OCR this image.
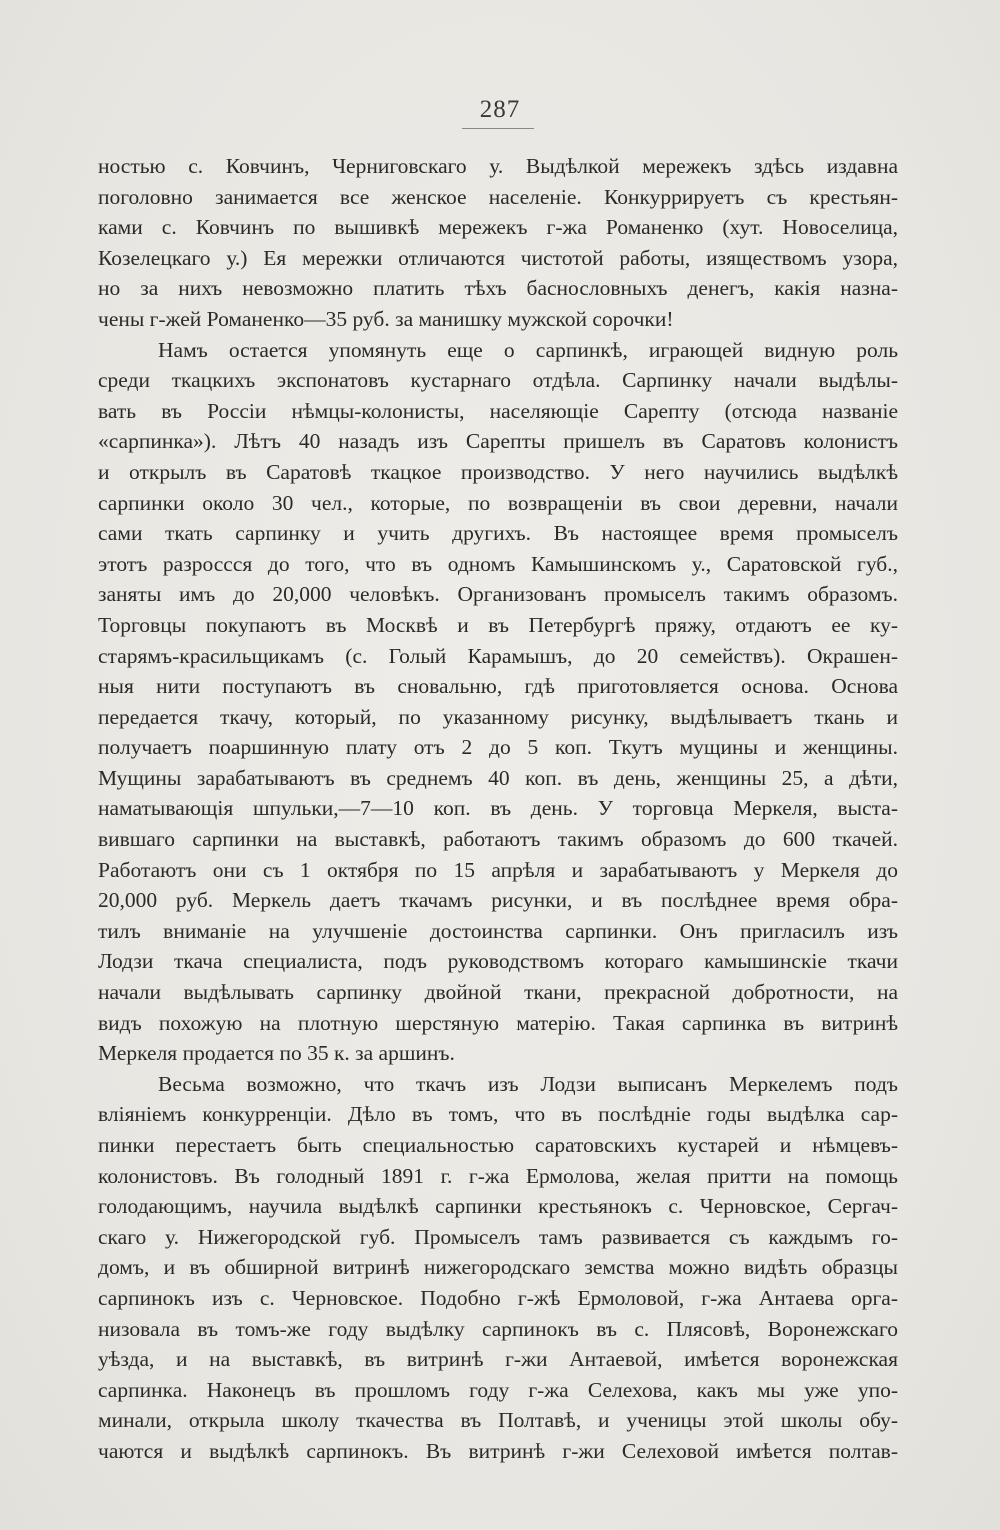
287
ностью с. Ковчинъ, Черниговскаго у. Выдѣлкой мережекъ здѣсь издавна
поголовно занимается все женское населеніе. Конкуррируетъ съ крестьян-
ками с. Ковчинъ по вышивкѣ мережекъ г-жа Романенко (хут. Новоселица,
Козелецкаго у.) Ея мережки отличаются чистотой работы, изяществомъ узора,
но за нихъ невозможно платить тѣхъ баснословныхъ денегъ, какія назна-
чены г-жей Романенко—35 руб. за манишку мужской сорочки!
Намъ остается упомянуть еще о сарпинкѣ, играющей видную роль
среди ткацкихъ экспонатовъ кустарнаго отдѣла. Сарпинку начали выдѣлы-
вать въ Россіи нѣмцы-колонисты, населяющіе Сарепту (отсюда названіе
«сарпинка»). Лѣтъ 40 назадъ изъ Сарепты пришелъ въ Саратовъ колонистъ
и открылъ въ Саратовѣ ткацкое производство. У него научились выдѣлкѣ
сарпинки около 30 чел., которые, по возвращеніи въ свои деревни, начали
сами ткать сарпинку и учить другихъ. Въ настоящее время промыселъ
этотъ разроссся до того, что въ одномъ Камышинскомъ у., Саратовской губ.,
заняты имъ до 20,000 человѣкъ. Организованъ промыселъ такимъ образомъ.
Торговцы покупаютъ въ Москвѣ и въ Петербургѣ пряжу, отдаютъ ее ку-
старямъ-красильщикамъ (с. Голый Карамышъ, до 20 семействъ). Окрашен-
ныя нити поступаютъ въ сновальню, гдѣ приготовляется основа. Основа
передается ткачу, который, по указанному рисунку, выдѣлываетъ ткань и
получаетъ поаршинную плату отъ 2 до 5 коп. Ткутъ мущины и женщины.
Мущины зарабатываютъ въ среднемъ 40 коп. въ день, женщины 25, а дѣти,
наматывающія шпульки,—7—10 коп. въ день. У торговца Меркеля, выста-
вившаго сарпинки на выставкѣ, работаютъ такимъ образомъ до 600 ткачей.
Работаютъ они съ 1 октября по 15 апрѣля и зарабатываютъ у Меркеля до
20,000 руб. Меркель даетъ ткачамъ рисунки, и въ послѣднее время обра-
тилъ вниманіе на улучшеніе достоинства сарпинки. Онъ пригласилъ изъ
Лодзи ткача специалиста, подъ руководствомъ котораго камышинскіе ткачи
начали выдѣлывать сарпинку двойной ткани, прекрасной добротности, на
видъ похожую на плотную шерстяную матерію. Такая сарпинка въ витринѣ
Меркеля продается по 35 к. за аршинъ.
Весьма возможно, что ткачъ изъ Лодзи выписанъ Меркелемъ подъ
вліяніемъ конкурренціи. Дѣло въ томъ, что въ послѣдніе годы выдѣлка сар-
пинки перестаетъ быть специальностью саратовскихъ кустарей и нѣмцевъ-
колонистовъ. Въ голодный 1891 г. г-жа Ермолова, желая притти на помощь
голодающимъ, научила выдѣлкѣ сарпинки крестьянокъ с. Черновское, Сергач-
скаго у. Нижегородской губ. Промыселъ тамъ развивается съ каждымъ го-
домъ, и въ обширной витринѣ нижегородскаго земства можно видѣть образцы
сарпинокъ изъ с. Черновское. Подобно г-жѣ Ермоловой, г-жа Антаева орга-
низовала въ томъ-же году выдѣлку сарпинокъ въ с. Плясовѣ, Воронежскаго
уѣзда, и на выставкѣ, въ витринѣ г-жи Антаевой, имѣется воронежская
сарпинка. Наконецъ въ прошломъ году г-жа Селехова, какъ мы уже упо-
минали, открыла школу ткачества въ Полтавѣ, и ученицы этой школы обу-
чаются и выдѣлкѣ сарпинокъ. Въ витринѣ г-жи Селеховой имѣется полтав-
